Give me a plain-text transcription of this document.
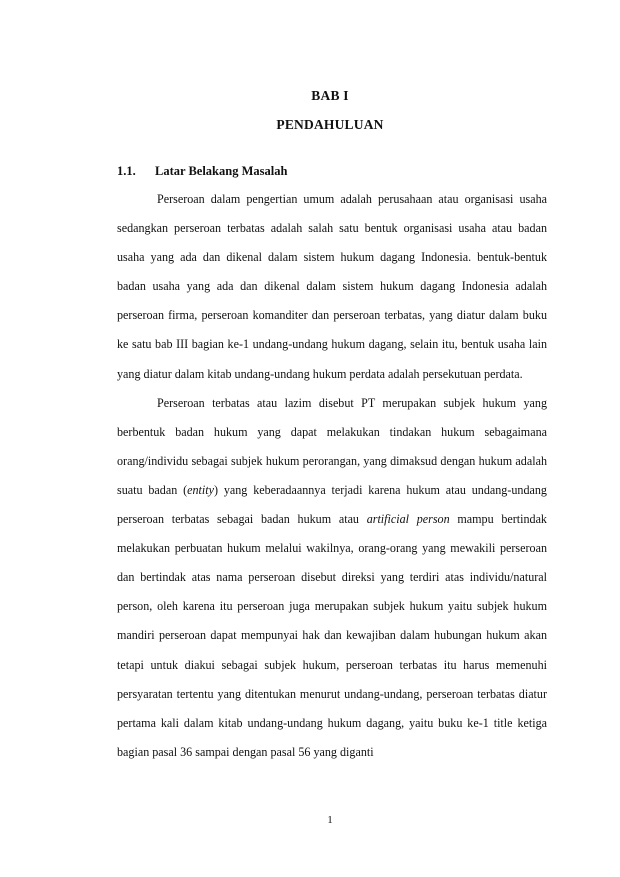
BAB I
PENDAHULUAN
1.1. Latar Belakang Masalah

Perseroan dalam pengertian umum adalah perusahaan atau organisasi usaha sedangkan perseroan terbatas adalah salah satu bentuk organisasi usaha atau badan usaha yang ada dan dikenal dalam sistem hukum dagang Indonesia. bentuk-bentuk badan usaha yang ada dan dikenal dalam sistem hukum dagang Indonesia adalah perseroan firma, perseroan komanditer dan perseroan terbatas, yang diatur dalam buku ke satu bab III bagian ke-1 undang-undang hukum dagang, selain itu, bentuk usaha lain yang diatur dalam kitab undang-undang hukum perdata adalah persekutuan perdata.

Perseroan terbatas atau lazim disebut PT merupakan subjek hukum yang berbentuk badan hukum yang dapat melakukan tindakan hukum sebagaimana orang/individu sebagai subjek hukum perorangan, yang dimaksud dengan hukum adalah suatu badan (entity) yang keberadaannya terjadi karena hukum atau undang-undang perseroan terbatas sebagai badan hukum atau artificial person mampu bertindak melakukan perbuatan hukum melalui wakilnya, orang-orang yang mewakili perseroan dan bertindak atas nama perseroan disebut direksi yang terdiri atas individu/natural person, oleh karena itu perseroan juga merupakan subjek hukum yaitu subjek hukum mandiri perseroan dapat mempunyai hak dan kewajiban dalam hubungan hukum akan tetapi untuk diakui sebagai subjek hukum, perseroan terbatas itu harus memenuhi persyaratan tertentu yang ditentukan menurut undang-undang, perseroan terbatas diatur pertama kali dalam kitab undang-undang hukum dagang, yaitu buku ke-1 title ketiga bagian pasal 36 sampai dengan pasal 56 yang diganti

1
